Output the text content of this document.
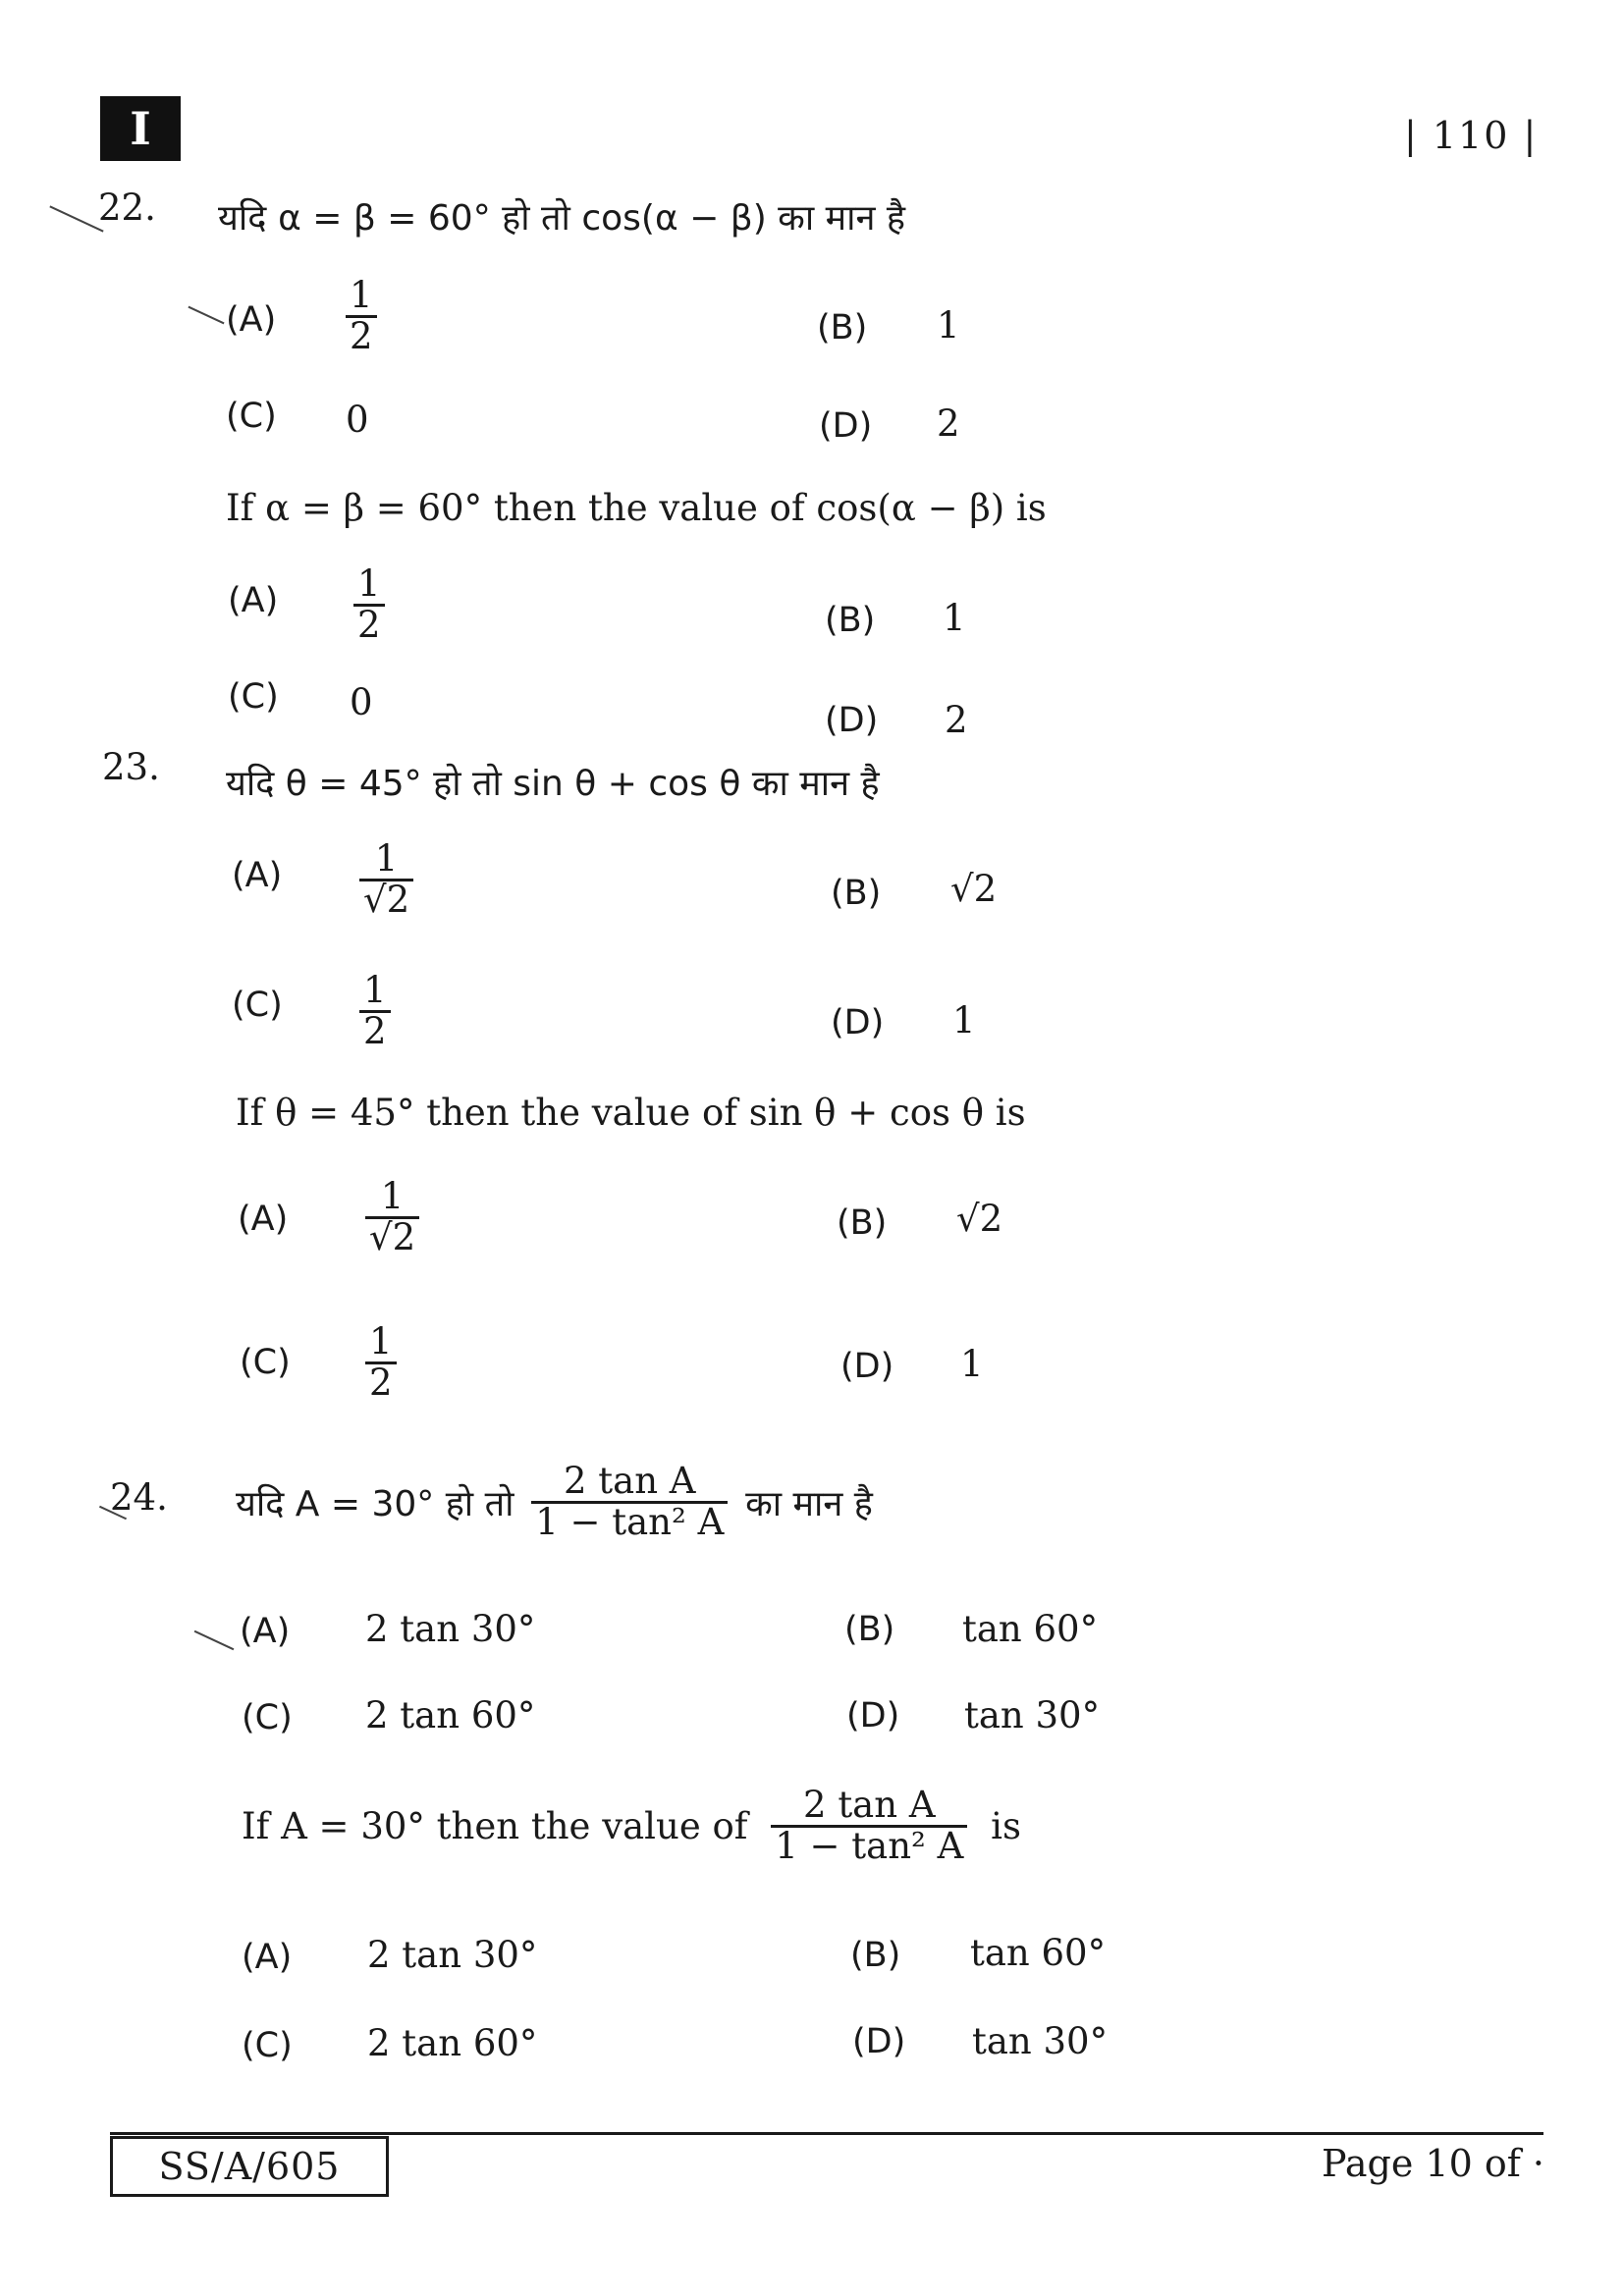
I	| 110 |
22. यदि α = β = 60° हो तो cos(α − β) का मान है
$(A) \frac{1}{2}$	(B) 1
(C) 0	(D) 2
If α = β = 60° then the value of cos(α − β) is
$(A) \frac{1}{2}$	(B) 1
(C) 0	(D) 2
23. यदि θ = 45° हो तो sin θ + cos θ का मान है
$(A) \frac{1}{√2}$	(B) √2
$(C) \frac{1}{2}$	(D) 1
If θ = 45° then the value of sin θ + cos θ is
$(A) \frac{1}{√2}$	(B) √2
$(C) \frac{1}{2}$	(D) 1
24. यदि A = 30° हो तो $\frac{\text{2 tan A}}{\text{1 − tan² A}}$ का मान है
(A) 2 tan 30°	(B) tan 60°
(C) 2 tan 60°	(D) tan 30°
If A = 30° then the value of $\frac{\text{2 tan A}}{\text{1 − tan² A}}$ is
(A) 2 tan 30°	(B) tan 60°
(C) 2 tan 60°	(D) tan 30°
SS/A/605	Page 10 of ·
